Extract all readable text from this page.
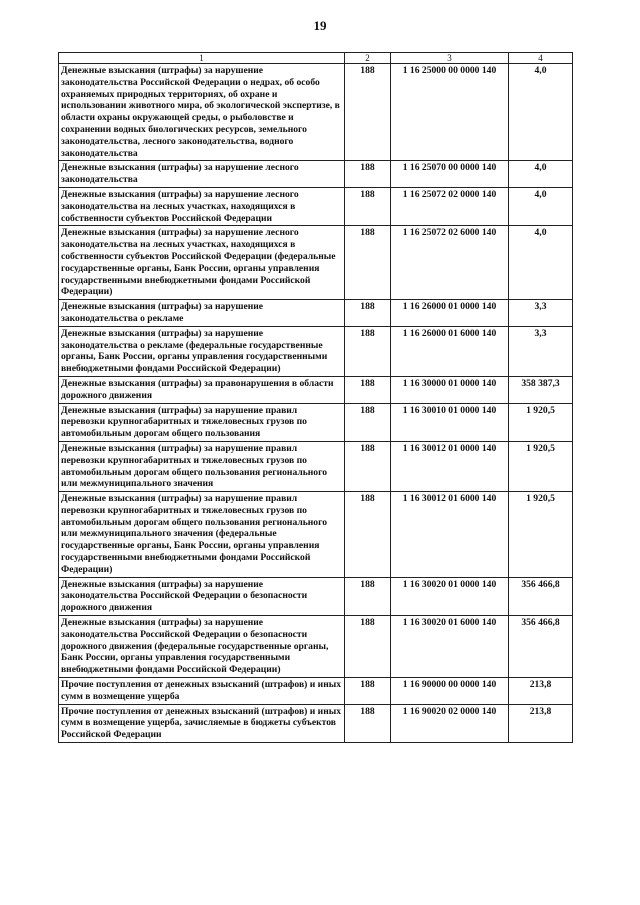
19
1	2	3	4
Денежные взыскания (штрафы) за нарушение законодательства Российской Федерации о недрах, об особо охраняемых природных территориях, об охране и использовании животного мира, об экологической экспертизе, в области охраны окружающей среды, о рыболовстве и сохранении водных биологических ресурсов, земельного законодательства, лесного законодательства, водного законодательства	188	1 16 25000 00 0000 140	4,0
Денежные взыскания (штрафы) за нарушение лесного законодательства	188	1 16 25070 00 0000 140	4,0
Денежные взыскания (штрафы) за нарушение лесного законодательства на лесных участках, находящихся в собственности субъектов Российской Федерации	188	1 16 25072 02 0000 140	4,0
Денежные взыскания (штрафы) за нарушение лесного законодательства на лесных участках, находящихся в собственности субъектов Российской Федерации (федеральные государственные органы, Банк России, органы управления государственными внебюджетными фондами Российской Федерации)	188	1 16 25072 02 6000 140	4,0
Денежные взыскания (штрафы) за нарушение законодательства о рекламе	188	1 16 26000 01 0000 140	3,3
Денежные взыскания (штрафы) за нарушение законодательства о рекламе (федеральные государственные органы, Банк России, органы управления государственными внебюджетными фондами Российской Федерации)	188	1 16 26000 01 6000 140	3,3
Денежные взыскания (штрафы) за правонарушения в области дорожного движения	188	1 16 30000 01 0000 140	358 387,3
Денежные взыскания (штрафы) за нарушение правил перевозки крупногабаритных и тяжеловесных грузов по автомобильным дорогам общего пользования	188	1 16 30010 01 0000 140	1 920,5
Денежные взыскания (штрафы) за нарушение правил перевозки крупногабаритных и тяжеловесных грузов по автомобильным дорогам общего пользования регионального или межмуниципального значения	188	1 16 30012 01 0000 140	1 920,5
Денежные взыскания (штрафы) за нарушение правил перевозки крупногабаритных и тяжеловесных грузов по автомобильным дорогам общего пользования регионального или межмуниципального значения (федеральные государственные органы, Банк России, органы управления государственными внебюджетными фондами Российской Федерации)	188	1 16 30012 01 6000 140	1 920,5
Денежные взыскания (штрафы) за нарушение законодательства Российской Федерации о безопасности дорожного движения	188	1 16 30020 01 0000 140	356 466,8
Денежные взыскания (штрафы) за нарушение законодательства Российской Федерации о безопасности дорожного движения (федеральные государственные органы, Банк России, органы управления государственными внебюджетными фондами Российской Федерации)	188	1 16 30020 01 6000 140	356 466,8
Прочие поступления от денежных взысканий (штрафов) и иных сумм в возмещение ущерба	188	1 16 90000 00 0000 140	213,8
Прочие поступления от денежных взысканий (штрафов) и иных сумм в возмещение ущерба, зачисляемые в бюджеты субъектов Российской Федерации	188	1 16 90020 02 0000 140	213,8
